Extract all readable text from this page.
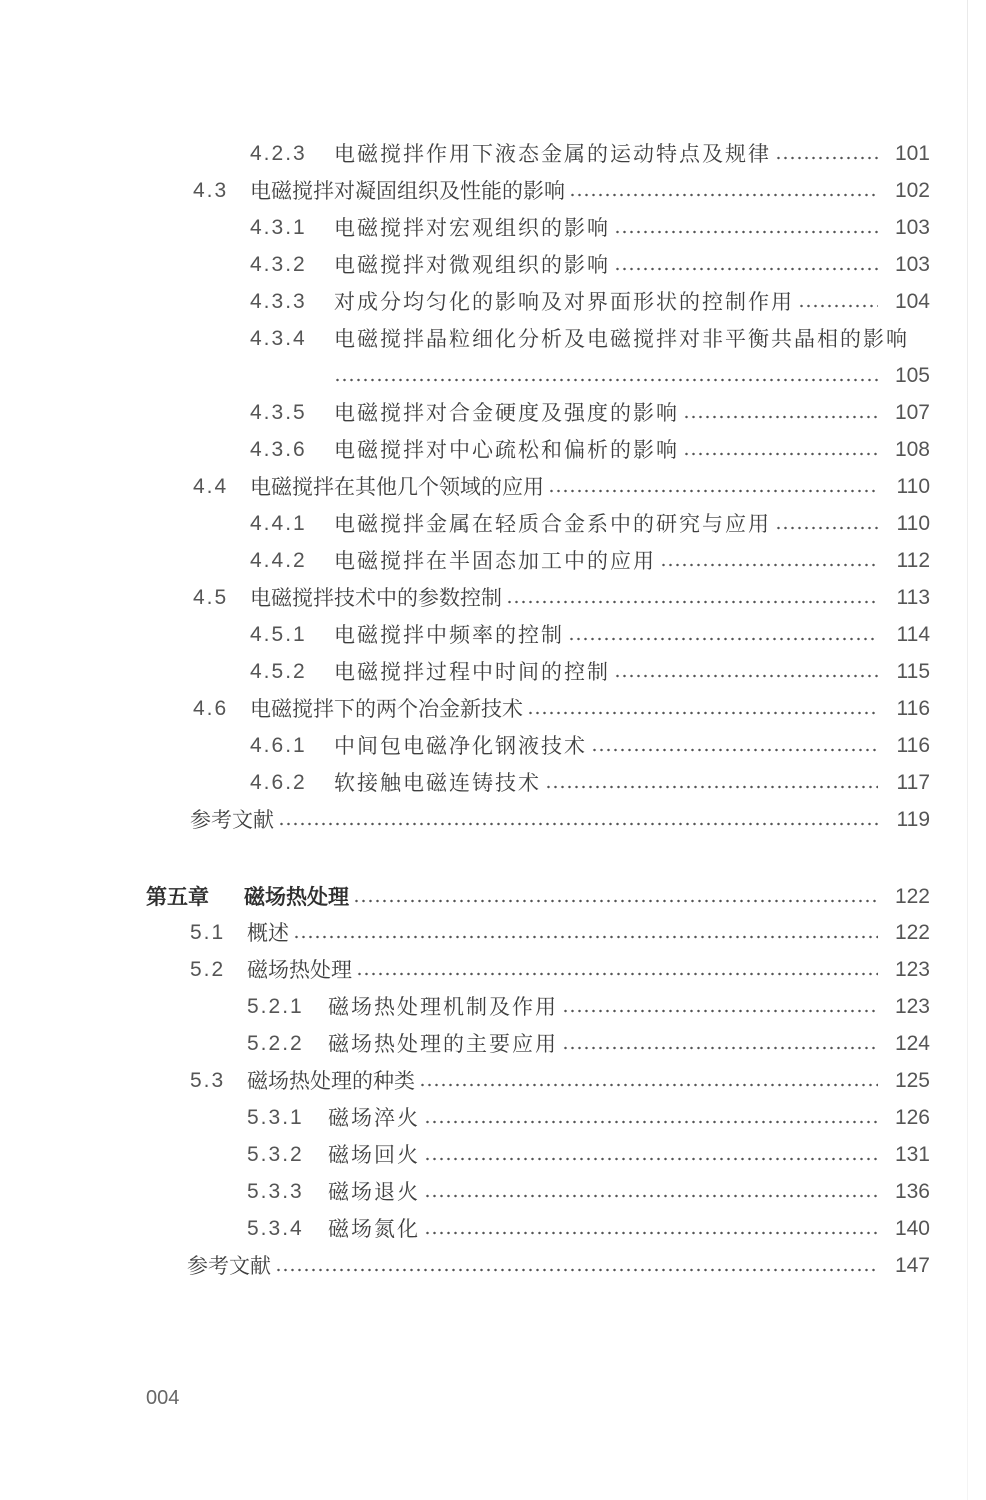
4.2.3	电磁搅拌作用下液态金属的运动特点及规律	101
4.3	电磁搅拌对凝固组织及性能的影响	102
4.3.1	电磁搅拌对宏观组织的影响	103
4.3.2	电磁搅拌对微观组织的影响	103
4.3.3	对成分均匀化的影响及对界面形状的控制作用	104
4.3.4	电磁搅拌晶粒细化分析及电磁搅拌对非平衡共晶相的影响
105
4.3.5	电磁搅拌对合金硬度及强度的影响	107
4.3.6	电磁搅拌对中心疏松和偏析的影响	108
4.4	电磁搅拌在其他几个领域的应用	110
4.4.1	电磁搅拌金属在轻质合金系中的研究与应用	110
4.4.2	电磁搅拌在半固态加工中的应用	112
4.5	电磁搅拌技术中的参数控制	113
4.5.1	电磁搅拌中频率的控制	114
4.5.2	电磁搅拌过程中时间的控制	115
4.6	电磁搅拌下的两个冶金新技术	116
4.6.1	中间包电磁净化钢液技术	116
4.6.2	软接触电磁连铸技术	117
参考文献	119
第五章	磁场热处理	122
5.1	概述	122
5.2	磁场热处理	123
5.2.1	磁场热处理机制及作用	123
5.2.2	磁场热处理的主要应用	124
5.3	磁场热处理的种类	125
5.3.1	磁场淬火	126
5.3.2	磁场回火	131
5.3.3	磁场退火	136
5.3.4	磁场氮化	140
参考文献	147
004
